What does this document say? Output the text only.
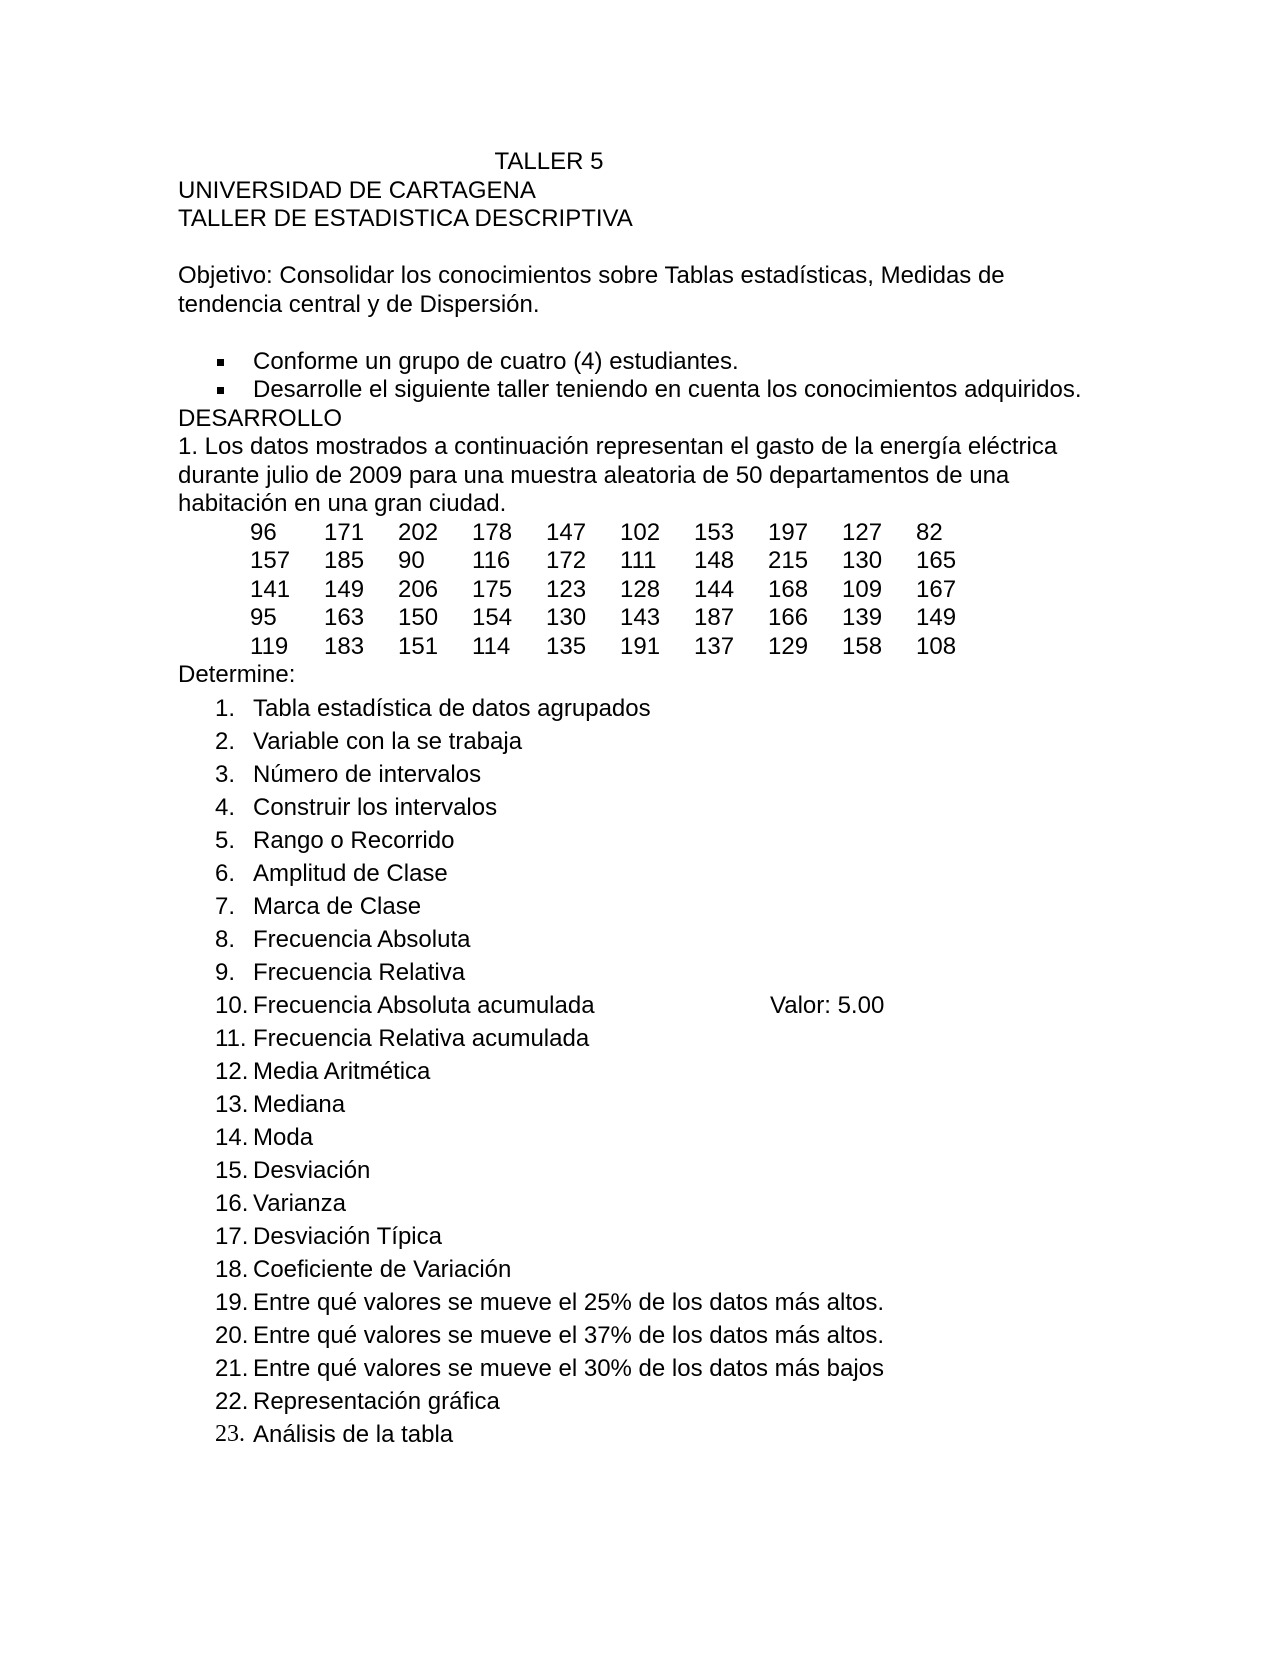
TALLER 5
UNIVERSIDAD DE CARTAGENA
TALLER DE ESTADISTICA DESCRIPTIVA
Objetivo: Consolidar los conocimientos sobre Tablas estadísticas, Medidas de tendencia central y de Dispersión.
Conforme un grupo de cuatro (4) estudiantes.
Desarrolle el siguiente taller teniendo en cuenta los conocimientos adquiridos.
DESARROLLO
1. Los datos mostrados a continuación representan el gasto de la energía eléctrica durante julio de 2009 para una muestra aleatoria de 50 departamentos de una habitación en una gran ciudad.
96	171	202	178	147	102	153	197	127	82
157	185	90	116	172	111	148	215	130	165
141	149	206	175	123	128	144	168	109	167
95	163	150	154	130	143	187	166	139	149
119	183	151	114	135	191	137	129	158	108
Determine:
1. Tabla estadística de datos agrupados
2. Variable con la se trabaja
3. Número de intervalos
4. Construir los intervalos
5. Rango o Recorrido
6. Amplitud de Clase
7. Marca de Clase
8. Frecuencia Absoluta
9. Frecuencia Relativa
10. Frecuencia Absoluta acumulada	Valor: 5.00
11. Frecuencia Relativa acumulada
12. Media Aritmética
13. Mediana
14. Moda
15. Desviación
16. Varianza
17. Desviación Típica
18. Coeficiente de Variación
19. Entre qué valores se mueve el 25% de los datos más altos.
20. Entre qué valores se mueve el 37% de los datos más altos.
21. Entre qué valores se mueve el 30% de los datos más bajos
22. Representación gráfica
23. Análisis de la tabla
